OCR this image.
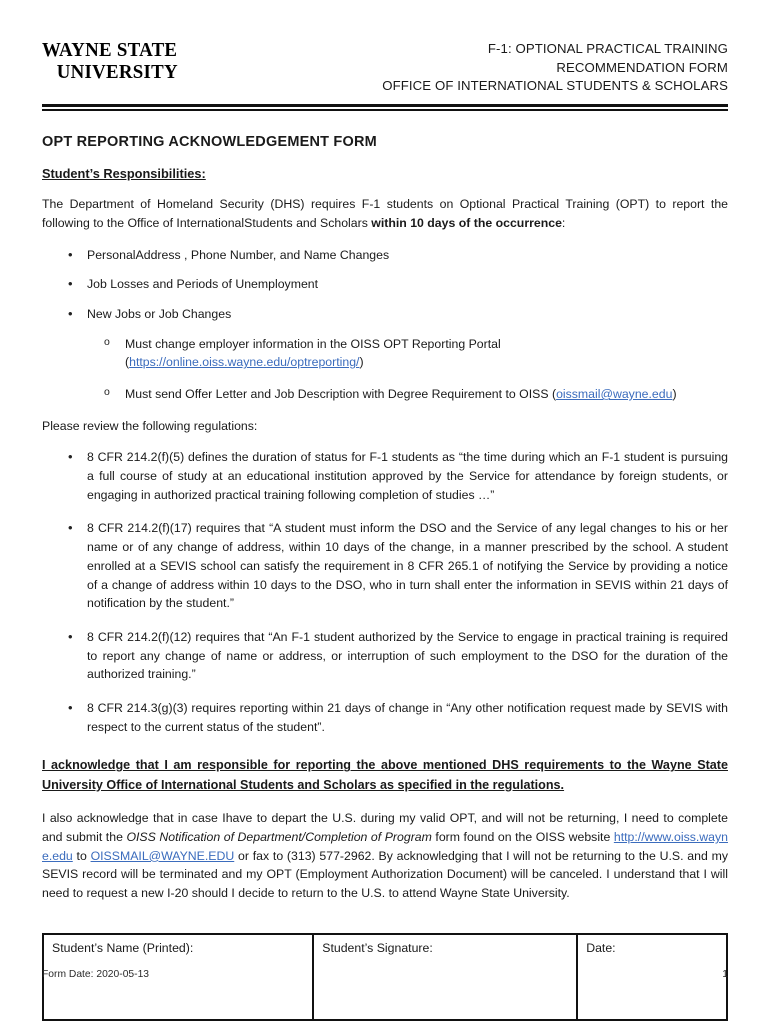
WAYNE STATE
UNIVERSITY
F-1: OPTIONAL PRACTICAL TRAINING
RECOMMENDATION FORM
OFFICE OF INTERNATIONAL STUDENTS & SCHOLARS
OPT REPORTING ACKNOWLEDGEMENT FORM
Student’s Responsibilities:

The Department of Homeland Security (DHS) requires F-1 students on Optional Practical Training (OPT) to report the following to the Office of InternationalStudents and Scholars within 10 days of the occurrence:

• PersonalAddress , Phone Number, and Name Changes
• Job Losses and Periods of Unemployment
• New Jobs or Job Changes
o Must change employer information in the OISS OPT Reporting Portal
(https://online.oiss.wayne.edu/optreporting/)
o Must send Offer Letter and Job Description with Degree Requirement to OISS (oissmail@wayne.edu)

Please review the following regulations:

• 8 CFR 214.2(f)(5) defines the duration of status for F-1 students as “the time during which an F-1 student is pursuing a full course of study at an educational institution approved by the Service for attendance by foreign students, or engaging in authorized practical training following completion of studies …”
• 8 CFR 214.2(f)(17) requires that “A student must inform the DSO and the Service of any legal changes to his or her name or of any change of address, within 10 days of the change, in a manner prescribed by the school. A student enrolled at a SEVIS school can satisfy the requirement in 8 CFR 265.1 of notifying the Service by providing a notice of a change of address within 10 days to the DSO, who in turn shall enter the information in SEVIS within 21 days of notification by the student.”
• 8 CFR 214.2(f)(12) requires that “An F-1 student authorized by the Service to engage in practical training is required to report any change of name or address, or interruption of such employment to the DSO for the duration of the authorized training.”
• 8 CFR 214.3(g)(3) requires reporting within 21 days of change in “Any other notification request made by SEVIS with respect to the current status of the student”.
I acknowledge that I am responsible for reporting the above mentioned DHS requirements to the Wayne State University Office of International Students and Scholars as specified in the regulations.

I also acknowledge that in case Ihave to depart the U.S. during my valid OPT, and will not be returning, I need to complete and submit the OISS Notification of Department/Completion of Program form found on the OISS website http://www.oiss.wayne.edu to OISSMAIL@WAYNE.EDU or fax to (313) 577-2962. By acknowledging that I will not be returning to the U.S. and my SEVIS record will be terminated and my OPT (Employment Authorization Document) will be canceled. I understand that I will need to request a new I-20 should I decide to return to the U.S. to attend Wayne State University.

Student’s Name (Printed):	Student’s Signature:	Date:
Form Date: 2020-05-13	1
